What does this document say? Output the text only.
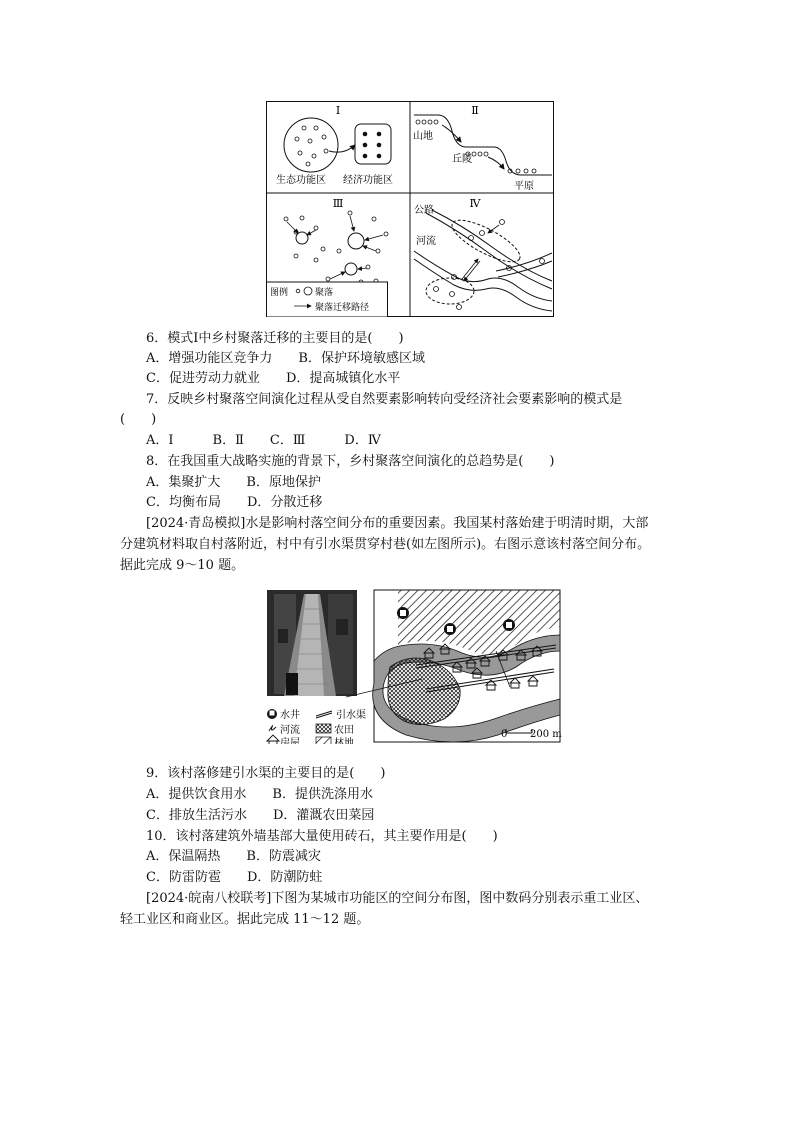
Ⅰ	Ⅱ
Ⅲ	Ⅳ
生态功能区 经济功能区
山地
丘陵
平原
图例	聚落
聚落迁移路径
公路
河流
6．模式Ⅰ中乡村聚落迁移的主要目的是(　　)
A．增强功能区竞争力　　B．保护环境敏感区域
C．促进劳动力就业　　D．提高城镇化水平
7．反映乡村聚落空间演化过程从受自然要素影响转向受经济社会要素影响的模式是
(　　)
A．Ⅰ　　　B．Ⅱ　　C．Ⅲ　　　D．Ⅳ
8．在我国重大战略实施的背景下，乡村聚落空间演化的总趋势是(　　)
A．集聚扩大　　B．原地保护
C．均衡布局　　D．分散迁移
[2024·青岛模拟]水是影响村落空间分布的重要因素。我国某村落始建于明清时期，大部
分建筑材料取自村落附近，村中有引水渠贯穿村巷(如左图所示)。右图示意该村落空间分布。
据此完成 9～10 题。
水井	引水渠
河流	农田
房屋	林地
0 200 m
9．该村落修建引水渠的主要目的是(　　)
A．提供饮食用水　　B．提供洗涤用水
C．排放生活污水　　D．灌溉农田菜园
10．该村落建筑外墙基部大量使用砖石，其主要作用是(　　)
A．保温隔热　　B．防震减灾
C．防雷防雹　　D．防潮防蛀
[2024·皖南八校联考]下图为某城市功能区的空间分布图，图中数码分别表示重工业区、
轻工业区和商业区。据此完成 11～12 题。
